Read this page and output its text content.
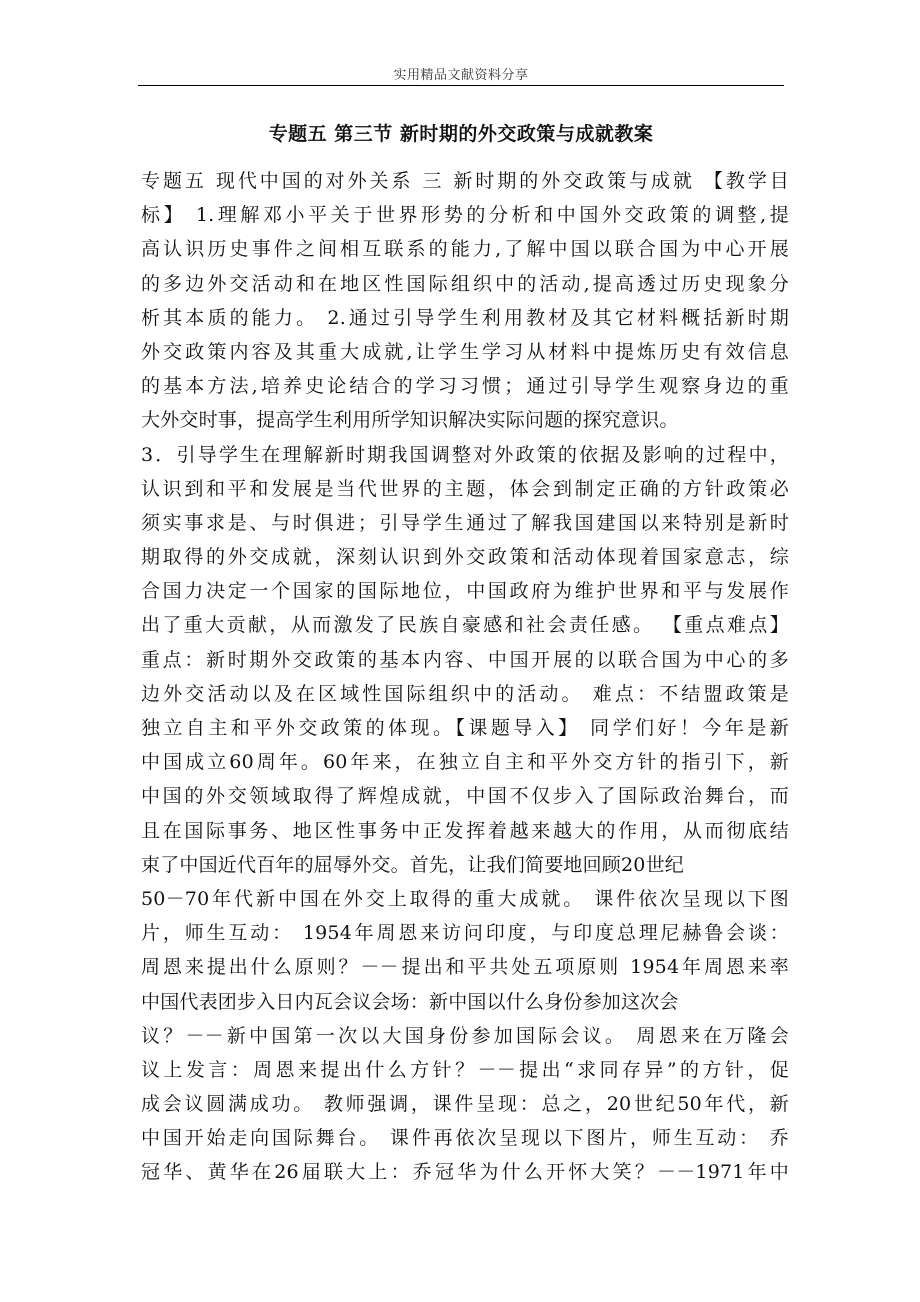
实用精品文献资料分享
专题五 第三节 新时期的外交政策与成就教案
专题五 现代中国的对外关系 三 新时期的外交政策与成就 【教学目
标】 1.理解邓小平关于世界形势的分析和中国外交政策的调整,提
高认识历史事件之间相互联系的能力,了解中国以联合国为中心开展
的多边外交活动和在地区性国际组织中的活动,提高透过历史现象分
析其本质的能力。 2.通过引导学生利用教材及其它材料概括新时期
外交政策内容及其重大成就,让学生学习从材料中提炼历史有效信息
的基本方法,培养史论结合的学习习惯；通过引导学生观察身边的重
大外交时事，提高学生利用所学知识解决实际问题的探究意识。
3．引导学生在理解新时期我国调整对外政策的依据及影响的过程中，
认识到和平和发展是当代世界的主题，体会到制定正确的方针政策必
须实事求是、与时俱进；引导学生通过了解我国建国以来特别是新时
期取得的外交成就，深刻认识到外交政策和活动体现着国家意志，综
合国力决定一个国家的国际地位，中国政府为维护世界和平与发展作
出了重大贡献，从而激发了民族自豪感和社会责任感。 【重点难点】
重点：新时期外交政策的基本内容、中国开展的以联合国为中心的多
边外交活动以及在区域性国际组织中的活动。 难点：不结盟政策是
独立自主和平外交政策的体现。【课题导入】 同学们好！今年是新
中国成立60周年。60年来，在独立自主和平外交方针的指引下，新
中国的外交领域取得了辉煌成就，中国不仅步入了国际政治舞台，而
且在国际事务、地区性事务中正发挥着越来越大的作用，从而彻底结
束了中国近代百年的屈辱外交。首先，让我们简要地回顾20世纪
50－70年代新中国在外交上取得的重大成就。 课件依次呈现以下图
片，师生互动： 1954年周恩来访问印度，与印度总理尼赫鲁会谈：
周恩来提出什么原则？－－提出和平共处五项原则 1954年周恩来率
中国代表团步入日内瓦会议会场：新中国以什么身份参加这次会
议？－－新中国第一次以大国身份参加国际会议。 周恩来在万隆会
议上发言：周恩来提出什么方针？－－提出“求同存异”的方针，促
成会议圆满成功。 教师强调，课件呈现：总之，20世纪50年代，新
中国开始走向国际舞台。 课件再依次呈现以下图片，师生互动： 乔
冠华、黄华在26届联大上：乔冠华为什么开怀大笑？－－1971年中
